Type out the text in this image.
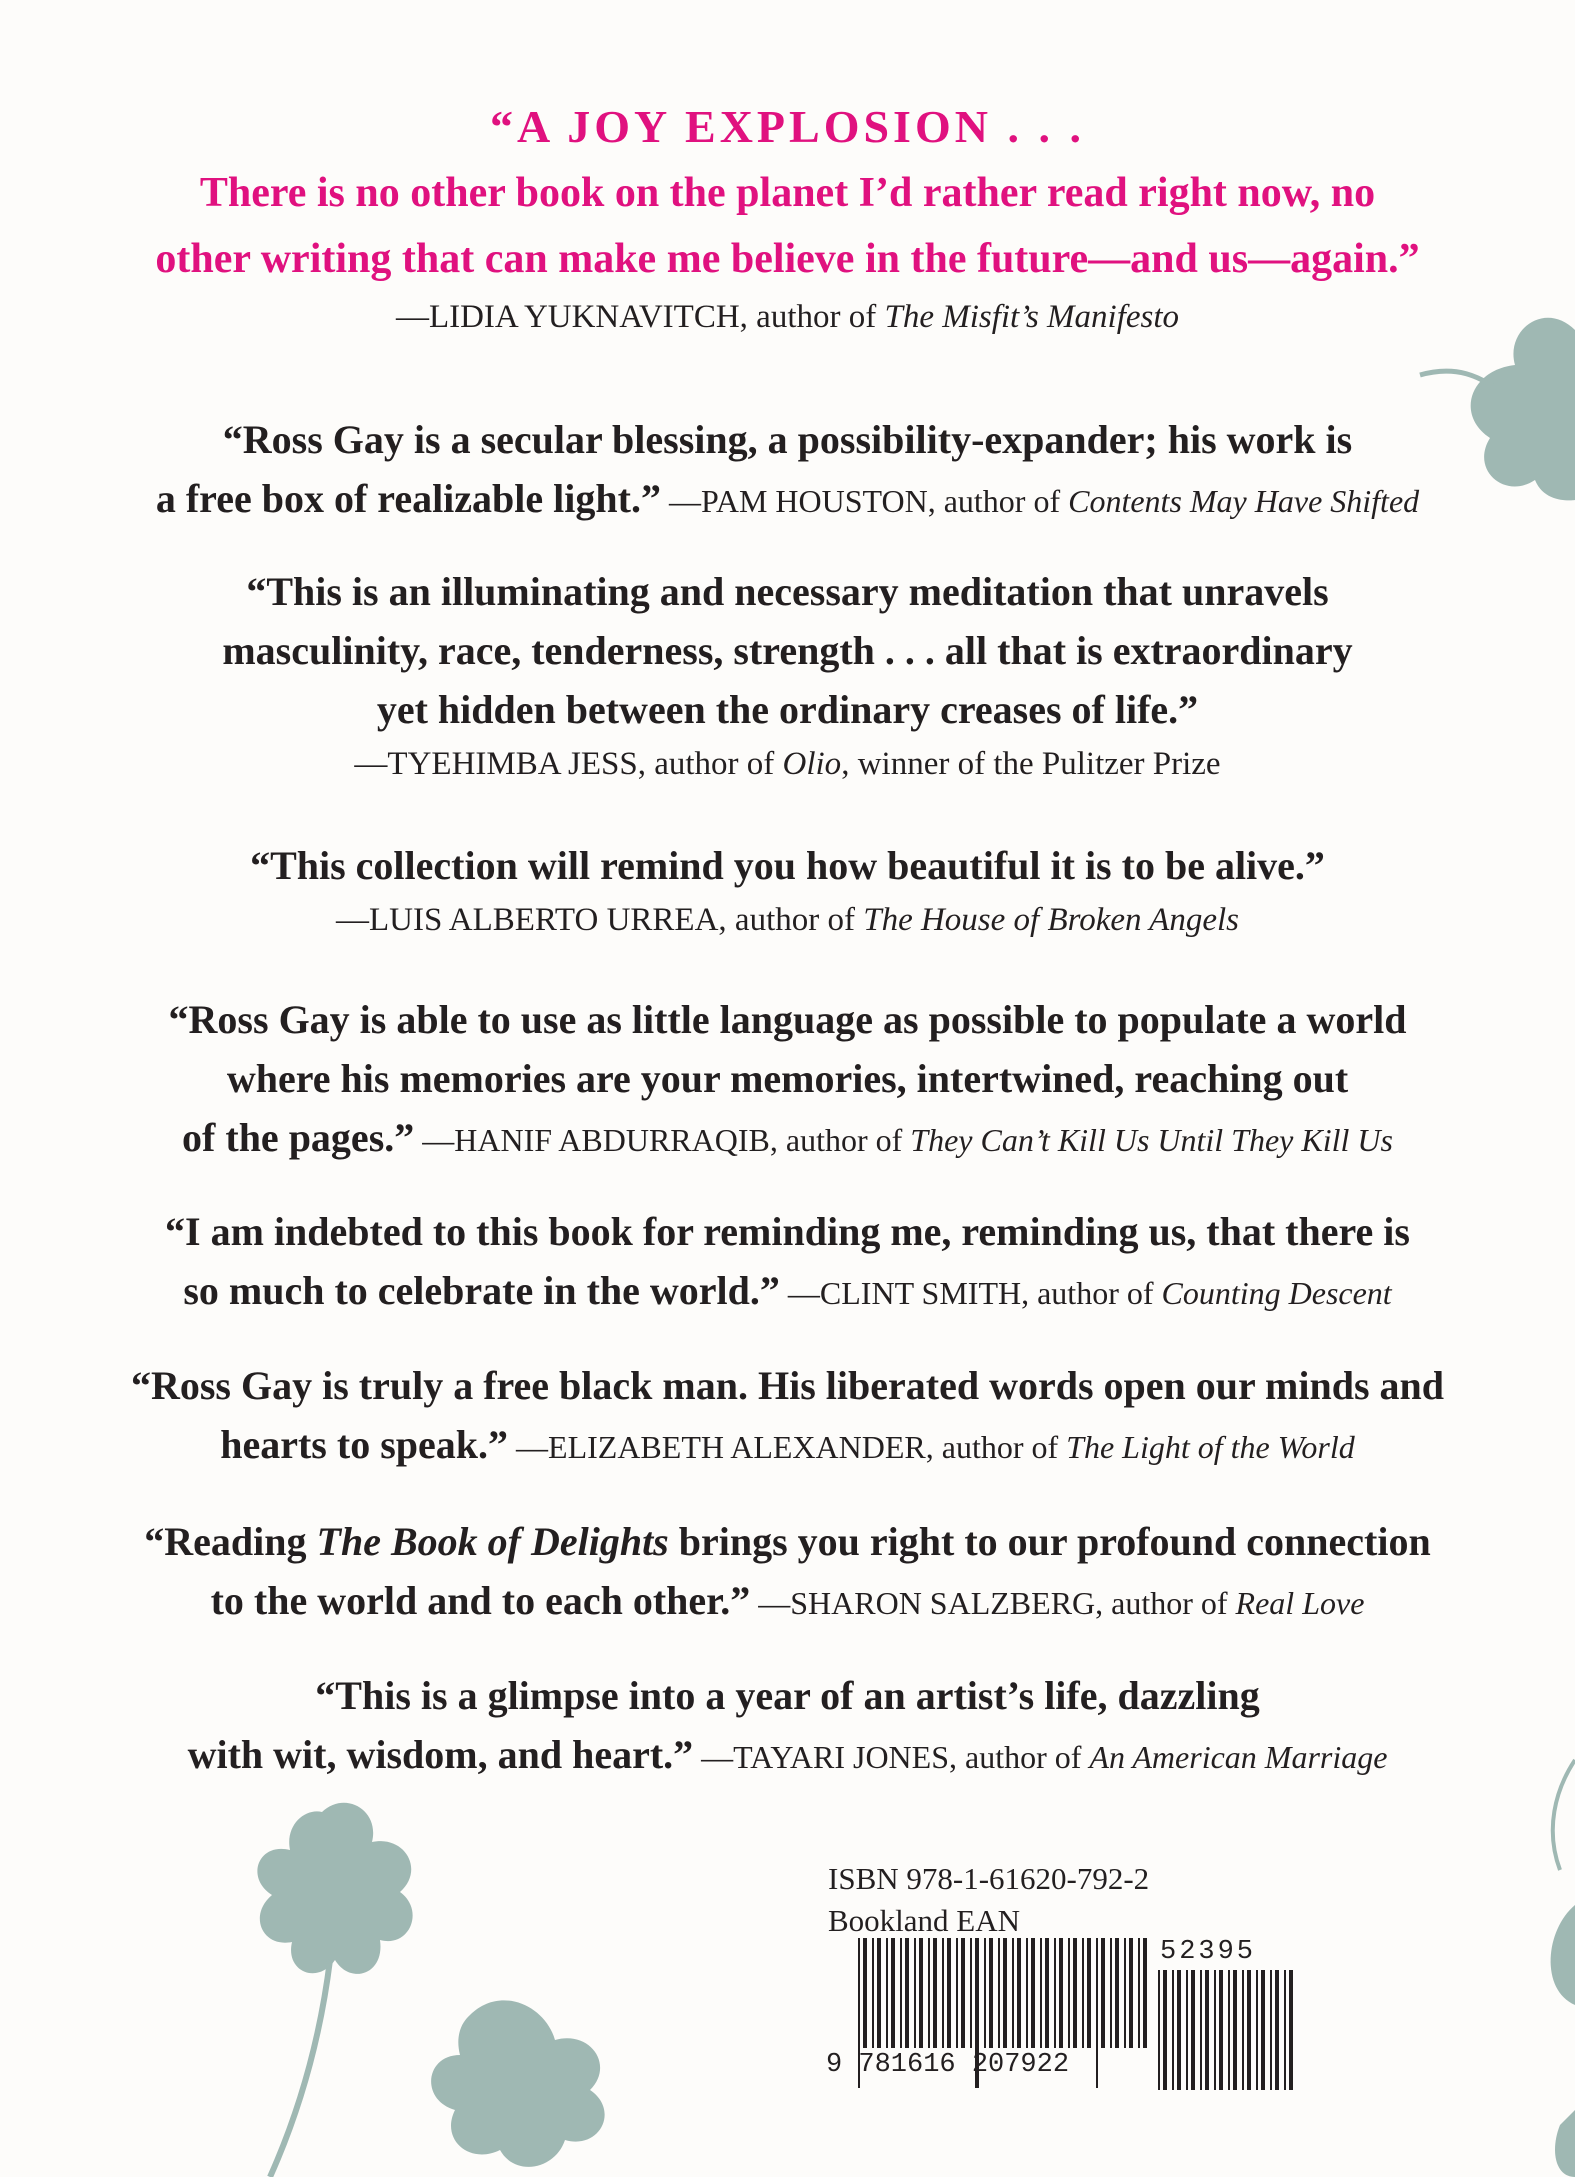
“A JOY EXPLOSION . . .
There is no other book on the planet I’d rather read right now, no
other writing that can make me believe in the future—and us—again.”
—LIDIA YUKNAVITCH, author of The Misfit’s Manifesto
“Ross Gay is a secular blessing, a possibility-expander; his work is
a free box of realizable light.” —PAM HOUSTON, author of Contents May Have Shifted
“This is an illuminating and necessary meditation that unravels
masculinity, race, tenderness, strength . . . all that is extraordinary
yet hidden between the ordinary creases of life.”
—TYEHIMBA JESS, author of Olio, winner of the Pulitzer Prize
“This collection will remind you how beautiful it is to be alive.”
—LUIS ALBERTO URREA, author of The House of Broken Angels
“Ross Gay is able to use as little language as possible to populate a world
where his memories are your memories, intertwined, reaching out
of the pages.” —HANIF ABDURRAQIB, author of They Can’t Kill Us Until They Kill Us
“I am indebted to this book for reminding me, reminding us, that there is
so much to celebrate in the world.” —CLINT SMITH, author of Counting Descent
“Ross Gay is truly a free black man. His liberated words open our minds and
hearts to speak.” —ELIZABETH ALEXANDER, author of The Light of the World
“Reading The Book of Delights brings you right to our profound connection
to the world and to each other.” —SHARON SALZBERG, author of Real Love
“This is a glimpse into a year of an artist’s life, dazzling
with wit, wisdom, and heart.” —TAYARI JONES, author of An American Marriage
ISBN 978-1-61620-792-2
Bookland EAN
9 781616 207922
52395
